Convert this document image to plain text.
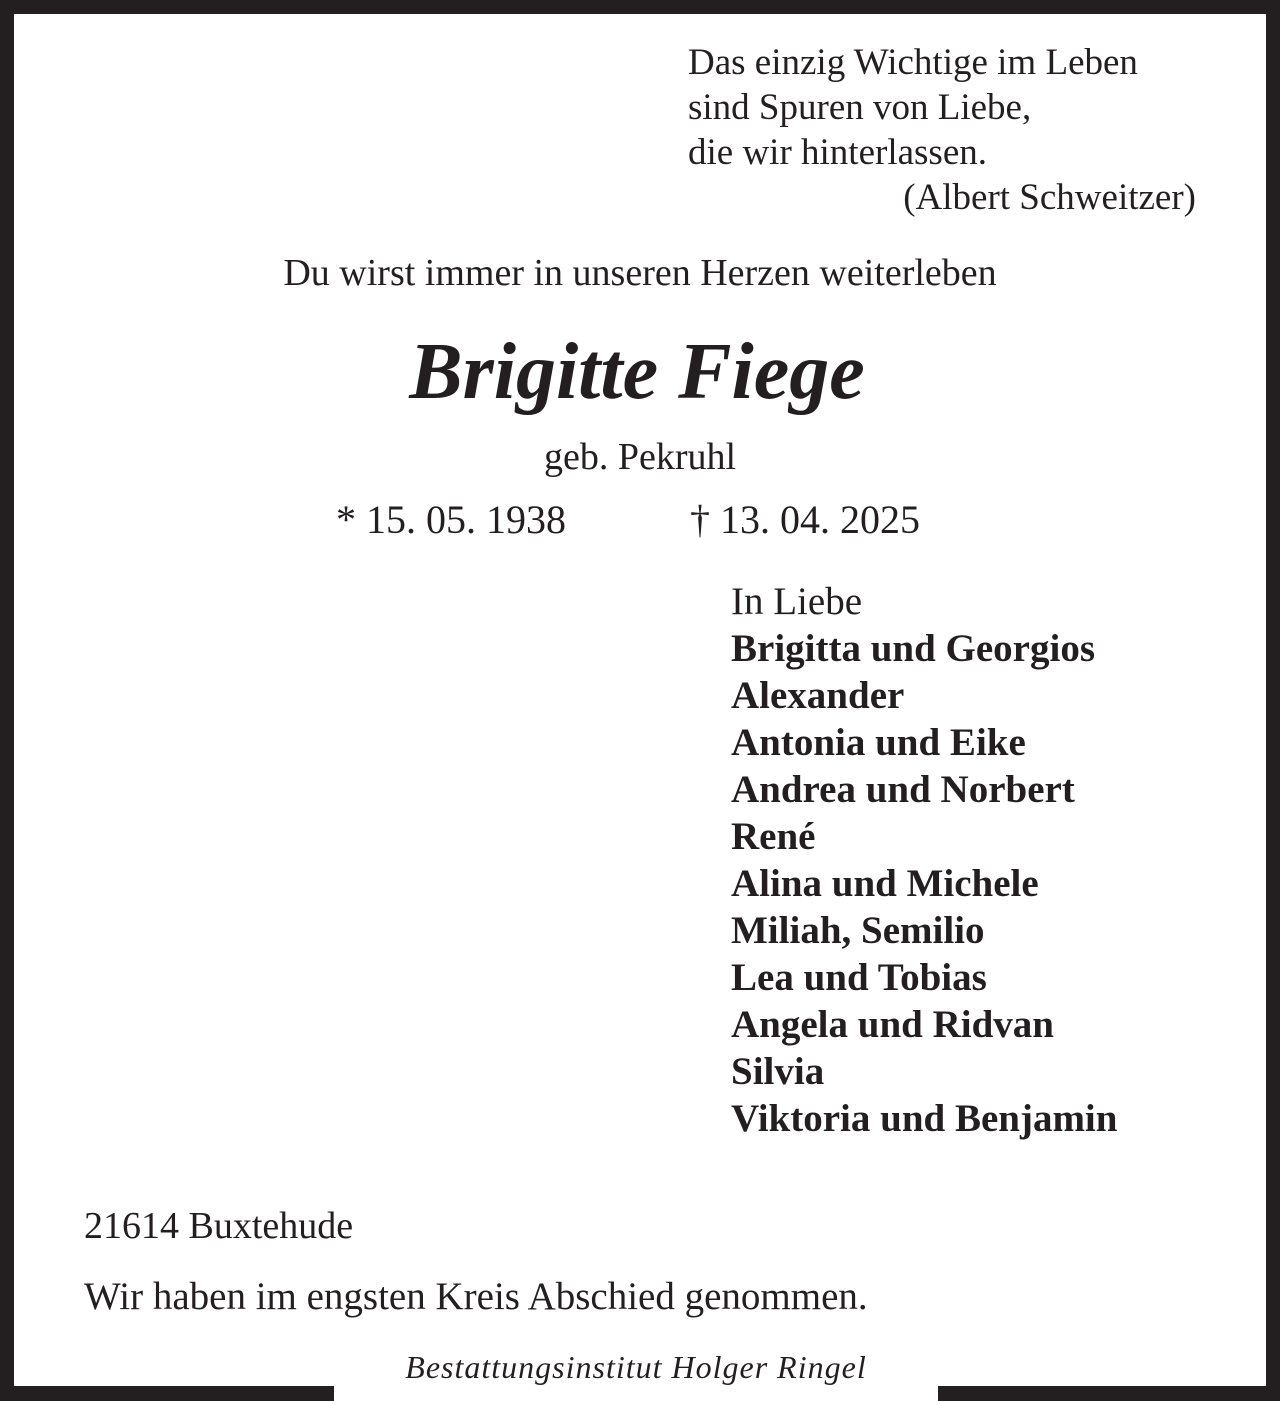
Das einzig Wichtige im Leben
sind Spuren von Liebe,
die wir hinterlassen.
(Albert Schweitzer)
Du wirst immer in unseren Herzen weiterleben
Brigitte Fiege
geb. Pekruhl
* 15. 05. 1938	† 13. 04. 2025
In Liebe
Brigitta und Georgios
Alexander
Antonia und Eike
Andrea und Norbert
René
Alina und Michele
Miliah, Semilio
Lea und Tobias
Angela und Ridvan
Silvia
Viktoria und Benjamin
21614 Buxtehude
Wir haben im engsten Kreis Abschied genommen.
Bestattungsinstitut Holger Ringel
